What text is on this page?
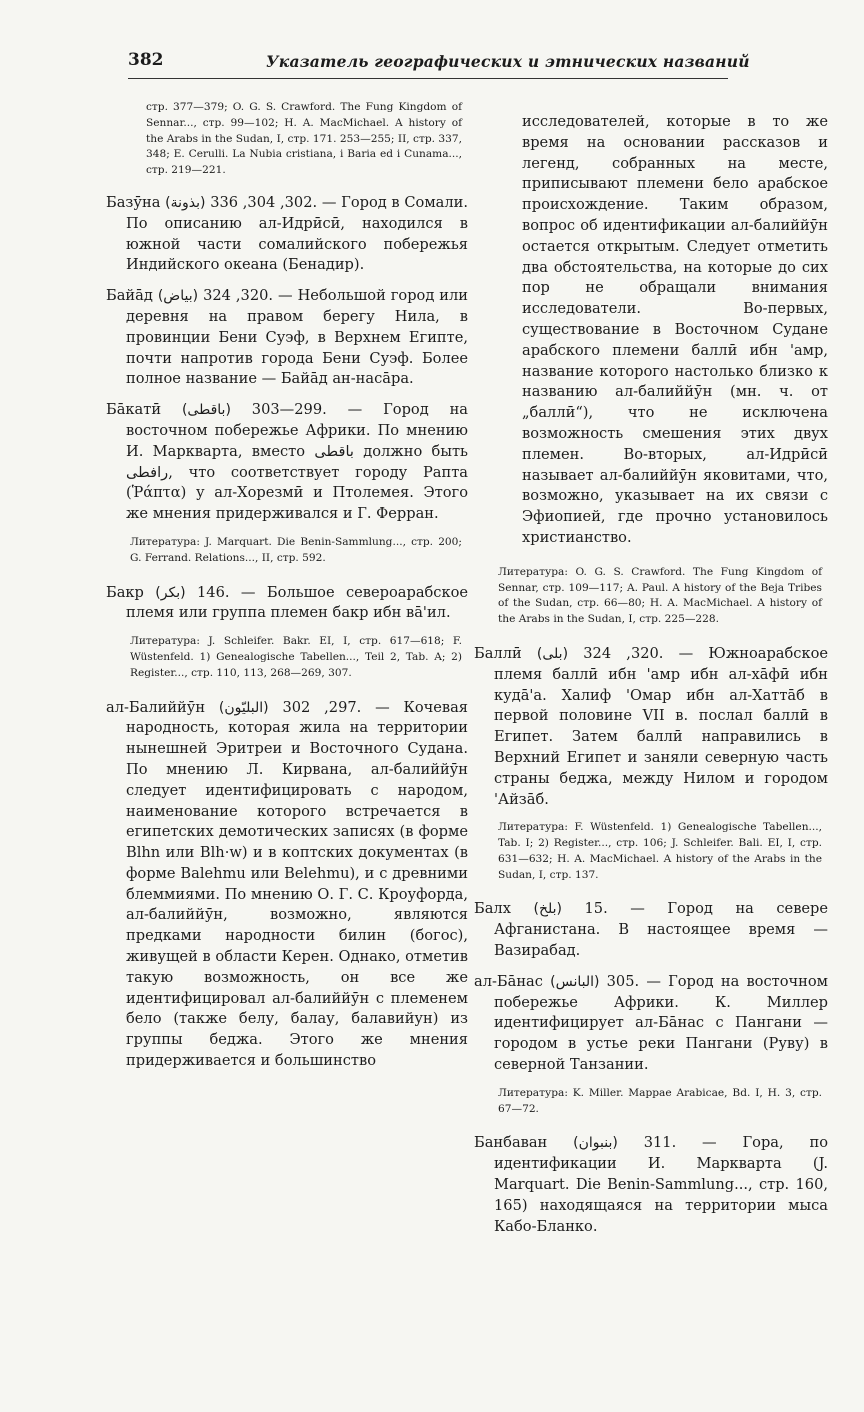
382	Указатель географических и этнических названий

стр. 377—379; O. G. S. Crawford. The Fung Kingdom of Sennar..., стр. 99—102; H. A. MacMichael. A history of the Arabs in the Sudan, I, стр. 171. 253—255; II, стр. 337, 348; E. Cerulli. La Nubia cristiana, i Baria ed i Cunama..., стр. 219—221.

Базӯна (بذونة) 302, 304, 336. — Город в Сомали. По описанию ал-Идрӣсӣ, находился в южной части сомалийского побережья Индийского океана (Бенадир).

Байāд (بياض) 320, 324. — Небольшой город или деревня на правом берегу Нила, в провинции Бени Суэф, в Верхнем Египте, почти напротив города Бени Суэф. Более полное название — Байāд ан-насāра.

Бāкатӣ (باقطى) 299—303. — Город на восточном побережье Африки. По мнению И. Маркварта, вместо باقطى должно быть رافطى, что соответствует городу Рапта (Ῥάπτα) у ал-Хорезмӣ и Птолемея. Этого же мнения придерживался и Г. Ферран.

Литература: J. Marquart. Die Benin-Sammlung..., стр. 200; G. Ferrand. Relations..., II, стр. 592.

Бакр (بكر) 146. — Большое североарабское племя или группа племен бакр ибн вā'ил.

Литература: J. Schleifer. Bakr. EI, I, стр. 617—618; F. Wüstenfeld. 1) Genealogische Tabellen..., Teil 2, Tab. A; 2) Register..., стр. 110, 113, 268—269, 307.

ал-Балиййӯн (البليّون) 297, 302. — Кочевая народность, которая жила на территории нынешней Эритреи и Восточного Судана. По мнению Л. Кирвана, ал-балиййӯн следует идентифицировать с народом, наименование которого встречается в египетских демотических записях (в форме Blhn или Blh·w) и в коптских документах (в форме Balehmu или Belehmu), и с древними блеммиями. По мнению О. Г. С. Кроуфорда, ал-балиййӯн, возможно, являются предками народности билин (богос), живущей в области Керен. Однако, отметив такую возможность, он все же идентифицировал ал-балиййӯн с племенем бело (также белу, балау, балавийун) из группы беджа. Этого же мнения придерживается и большинство

исследователей, которые в то же время на основании рассказов и легенд, собранных на месте, приписывают племени бело арабское происхождение. Таким образом, вопрос об идентификации ал-балиййӯн остается открытым. Следует отметить два обстоятельства, на которые до сих пор не обращали внимания исследователи. Во-первых, существование в Восточном Судане арабского племени баллӣ ибн 'амр, название которого настолько близко к названию ал-балиййӯн (мн. ч. от „баллӣ“), что не исключена возможность смешения этих двух племен. Во-вторых, ал-Идрӣсӣ называет ал-балиййӯн яковитами, что, возможно, указывает на их связи с Эфиопией, где прочно установилось христианство.

Литература: O. G. S. Crawford. The Fung Kingdom of Sennar, стр. 109—117; A. Paul. A history of the Beja Tribes of the Sudan, стр. 66—80; H. A. MacMichael. A history of the Arabs in the Sudan, I, стр. 225—228.

Баллӣ (بلى) 320, 324. — Южноарабское племя баллӣ ибн 'амр ибн ал-хāфӣ ибн кудā'а. Халиф 'Омар ибн ал-Хаттāб в первой половине VII в. послал баллӣ в Египет. Затем баллӣ направились в Верхний Египет и заняли северную часть страны беджа, между Нилом и городом 'Айзāб.

Литература: F. Wüstenfeld. 1) Genealogische Tabellen..., Tab. I; 2) Register..., стр. 106; J. Schleifer. Bali. EI, I, стр. 631—632; H. A. MacMichael. A history of the Arabs in the Sudan, I, стр. 137.

Балх (بلخ) 15. — Город на севере Афганистана. В настоящее время — Вазирабад.

ал-Бāнас (البانس) 305. — Город на восточном побережье Африки. К. Миллер идентифицирует ал-Бāнас с Пангани — городом в устье реки Пангани (Руву) в северной Танзании.

Литература: K. Miller. Mappae Arabicae, Bd. I, H. 3, стр. 67—72.

Банбаван (بنبوان) 311. — Гора, по идентификации И. Маркварта (J. Marquart. Die Benin-Sammlung..., стр. 160, 165) находящаяся на территории мыса Кабо-Бланко.
